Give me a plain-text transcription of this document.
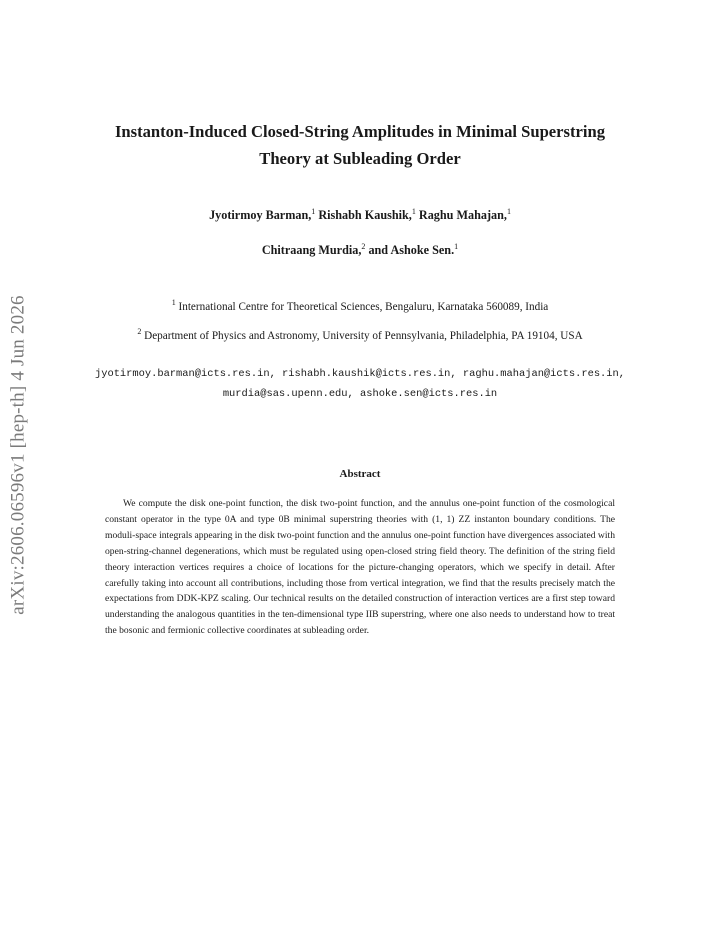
arXiv:2606.06596v1 [hep-th] 4 Jun 2026
Instanton-Induced Closed-String Amplitudes in Minimal Superstring
Theory at Subleading Order
Jyotirmoy Barman,$^1$ Rishabh Kaushik,$^1$ Raghu Mahajan,$^1$
Chitraang Murdia,$^2$ and Ashoke Sen.$^1$
$^1$ International Centre for Theoretical Sciences, Bengaluru, Karnataka 560089, India
$^2$ Department of Physics and Astronomy, University of Pennsylvania, Philadelphia, PA 19104, USA
jyotirmoy.barman@icts.res.in, rishabh.kaushik@icts.res.in, raghu.mahajan@icts.res.in,
murdia@sas.upenn.edu, ashoke.sen@icts.res.in
Abstract
We compute the disk one-point function, the disk two-point function, and the annulus one-point function of the cosmological constant operator in the type 0A and type 0B minimal superstring theories with (1, 1) ZZ instanton boundary conditions. The moduli-space integrals appearing in the disk two-point function and the annulus one-point function have divergences associated with open-string-channel degenerations, which must be regulated using open-closed string field theory. The definition of the string field theory interaction vertices requires a choice of locations for the picture-changing operators, which we specify in detail. After carefully taking into account all contributions, including those from vertical integration, we find that the results precisely match the expectations from DDK-KPZ scaling. Our technical results on the detailed construction of interaction vertices are a first step toward understanding the analogous quantities in the ten-dimensional type IIB superstring, where one also needs to understand how to treat the bosonic and fermionic collective coordinates at subleading order.
